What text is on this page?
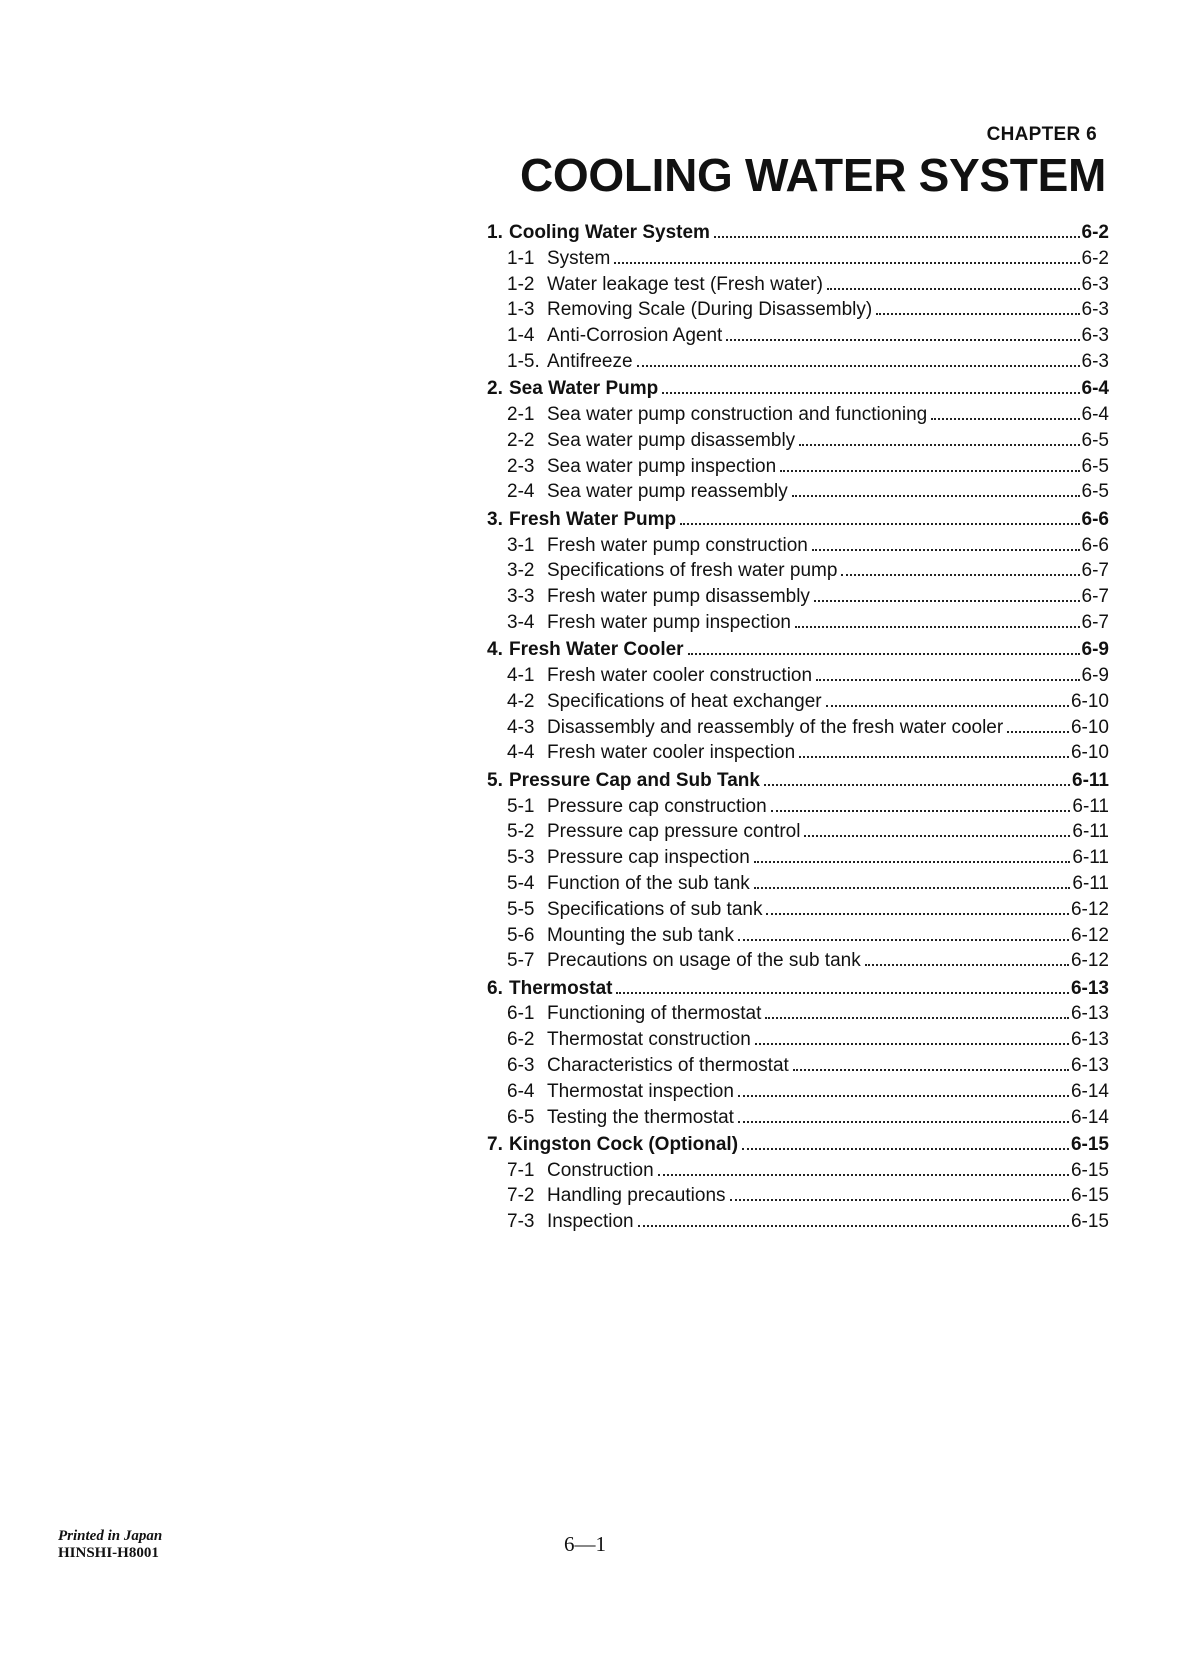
CHAPTER 6
COOLING WATER SYSTEM
1. Cooling Water System	6-2
1-1 System	6-2
1-2 Water leakage test (Fresh water)	6-3
1-3 Removing Scale (During Disassembly)	6-3
1-4 Anti-Corrosion Agent	6-3
1-5. Antifreeze	6-3
2. Sea Water Pump	6-4
2-1 Sea water pump construction and functioning	6-4
2-2 Sea water pump disassembly	6-5
2-3 Sea water pump inspection	6-5
2-4 Sea water pump reassembly	6-5
3. Fresh Water Pump	6-6
3-1 Fresh water pump construction	6-6
3-2 Specifications of fresh water pump	6-7
3-3 Fresh water pump disassembly	6-7
3-4 Fresh water pump inspection	6-7
4. Fresh Water Cooler	6-9
4-1 Fresh water cooler construction	6-9
4-2 Specifications of heat exchanger	6-10
4-3 Disassembly and reassembly of the fresh water cooler	6-10
4-4 Fresh water cooler inspection	6-10
5. Pressure Cap and Sub Tank	6-11
5-1 Pressure cap construction	6-11
5-2 Pressure cap pressure control	6-11
5-3 Pressure cap inspection	6-11
5-4 Function of the sub tank	6-11
5-5 Specifications of sub tank	6-12
5-6 Mounting the sub tank	6-12
5-7 Precautions on usage of the sub tank	6-12
6. Thermostat	6-13
6-1 Functioning of thermostat	6-13
6-2 Thermostat construction	6-13
6-3 Characteristics of thermostat	6-13
6-4 Thermostat inspection	6-14
6-5 Testing the thermostat	6-14
7. Kingston Cock (Optional)	6-15
7-1 Construction	6-15
7-2 Handling precautions	6-15
7-3 Inspection	6-15
Printed in Japan
HINSHI-H8001	6—1
